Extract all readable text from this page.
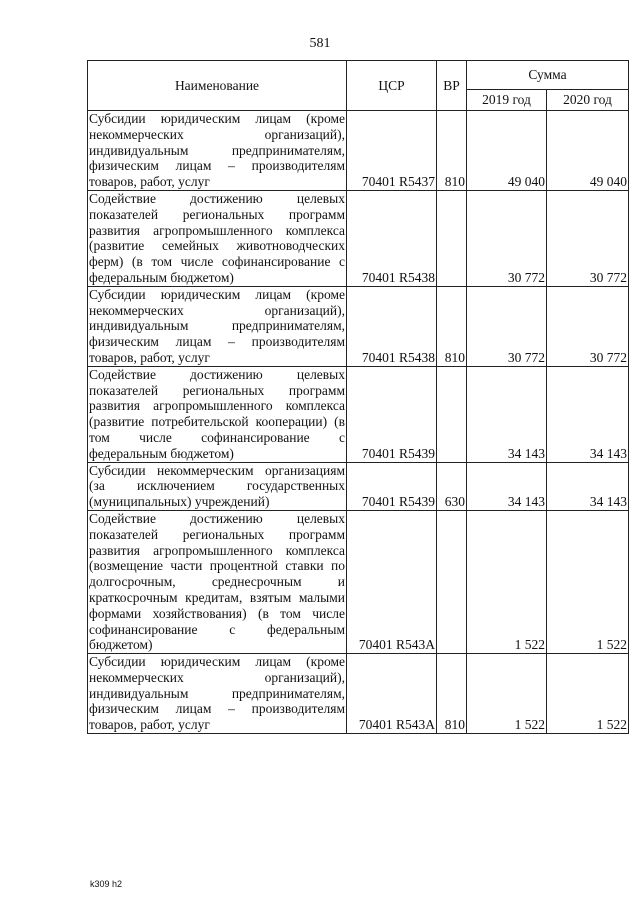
581
Наименование	ЦСР	ВР	Сумма	
			2019 год	2020 год
Субсидии юридическим лицам (кроме некоммерческих организаций), индивидуальным предпринимателям, физическим лицам – производителям товаров, работ, услуг	70401 R5437	810	49 040	49 040
Содействие достижению целевых показателей региональных программ развития агропромышленного комплекса (развитие семейных животноводческих ферм) (в том числе софинансирование с федеральным бюджетом)	70401 R5438		30 772	30 772
Субсидии юридическим лицам (кроме некоммерческих организаций), индивидуальным предпринимателям, физическим лицам – производителям товаров, работ, услуг	70401 R5438	810	30 772	30 772
Содействие достижению целевых показателей региональных программ развития агропромышленного комплекса (развитие потребительской кооперации) (в том числе софинансирование с федеральным бюджетом)	70401 R5439		34 143	34 143
Субсидии некоммерческим организациям (за исключением государственных (муниципальных) учреждений)	70401 R5439	630	34 143	34 143
Содействие достижению целевых показателей региональных программ развития агропромышленного комплекса (возмещение части процентной ставки по долгосрочным, среднесрочным и краткосрочным кредитам, взятым малыми формами хозяйствования) (в том числе софинансирование с федеральным бюджетом)	70401 R543A		1 522	1 522
Субсидии юридическим лицам (кроме некоммерческих организаций), индивидуальным предпринимателям, физическим лицам – производителям товаров, работ, услуг	70401 R543A	810	1 522	1 522
k309 h2
